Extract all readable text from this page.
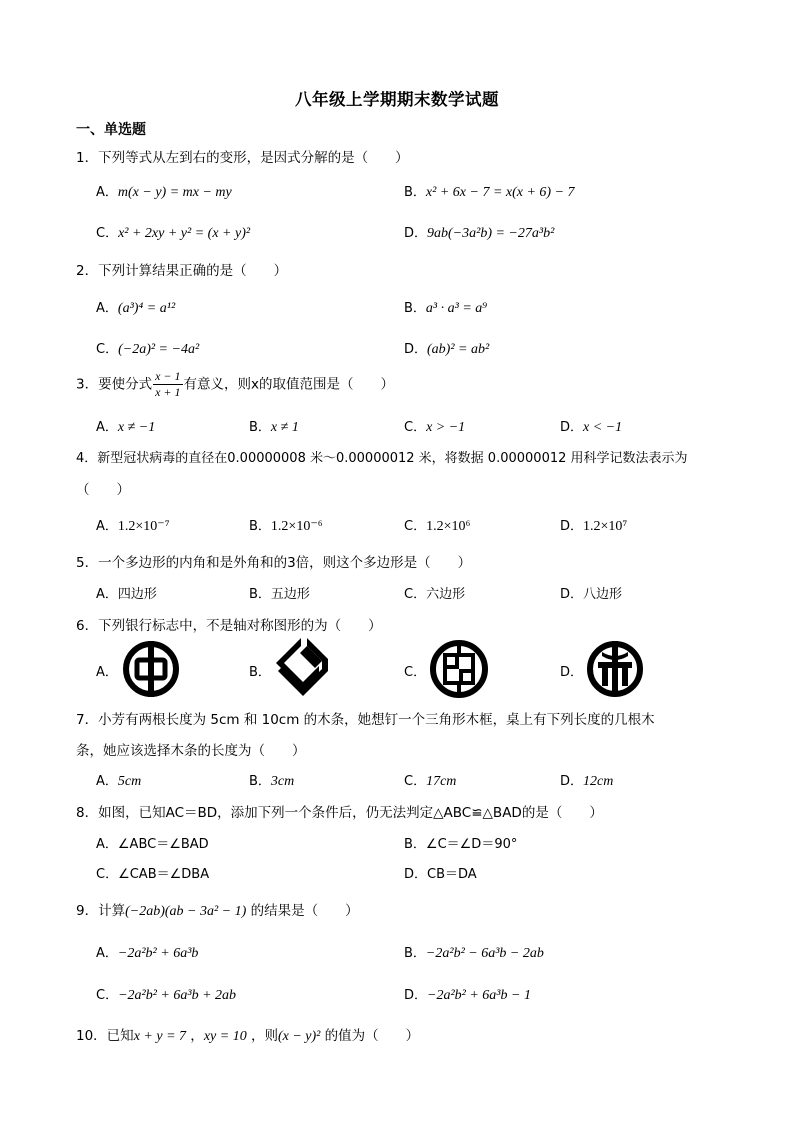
八年级上学期期末数学试题
一、单选题
1．下列等式从左到右的变形，是因式分解的是（　　）
A．m(x − y) = mx − my	B．x² + 6x − 7 = x(x + 6) − 7
C．x² + 2xy + y² = (x + y)²	D．9ab(−3a²b) = −27a³b²
2．下列计算结果正确的是（　　）
A．(a³)⁴ = a¹²	B．a³ · a³ = a⁹
C．(−2a)² = −4a²	D．(ab)² = ab²
3．要使分式 $\frac{x - 1}{x + 1}$ 有意义，则x的取值范围是（　　）
A．x ≠ −1	B．x ≠ 1	C．x > −1	D．x < −1
4．新型冠状病毒的直径在0.00000008 米～0.00000012 米，将数据 0.00000012 用科学记数法表示为
（　　）
A．1.2×10⁻⁷	B．1.2×10⁻⁶	C．1.2×10⁶	D．1.2×10⁷
5．一个多边形的内角和是外角和的3倍，则这个多边形是（　　）
A．四边形	B．五边形	C．六边形	D．八边形
6．下列银行标志中，不是轴对称图形的为（　　）
A．	B．	C．	D．
7．小芳有两根长度为 5cm 和 10cm 的木条，她想钉一个三角形木框，桌上有下列长度的几根木
条，她应该选择木条的长度为（　　）
A．5cm	B．3cm	C．17cm	D．12cm
8．如图，已知AC＝BD，添加下列一个条件后，仍无法判定△ABC≌△BAD的是（　　）
A．∠ABC＝∠BAD	B．∠C＝∠D＝90°
C．∠CAB＝∠DBA	D．CB＝DA
9．计算(−2ab)(ab − 3a² − 1) 的结果是（　　）
A．−2a²b² + 6a³b	B．−2a²b² − 6a³b − 2ab
C．−2a²b² + 6a³b + 2ab	D．−2a²b² + 6a³b − 1
10．已知x + y = 7 ，xy = 10 ，则(x − y)² 的值为（　　）
